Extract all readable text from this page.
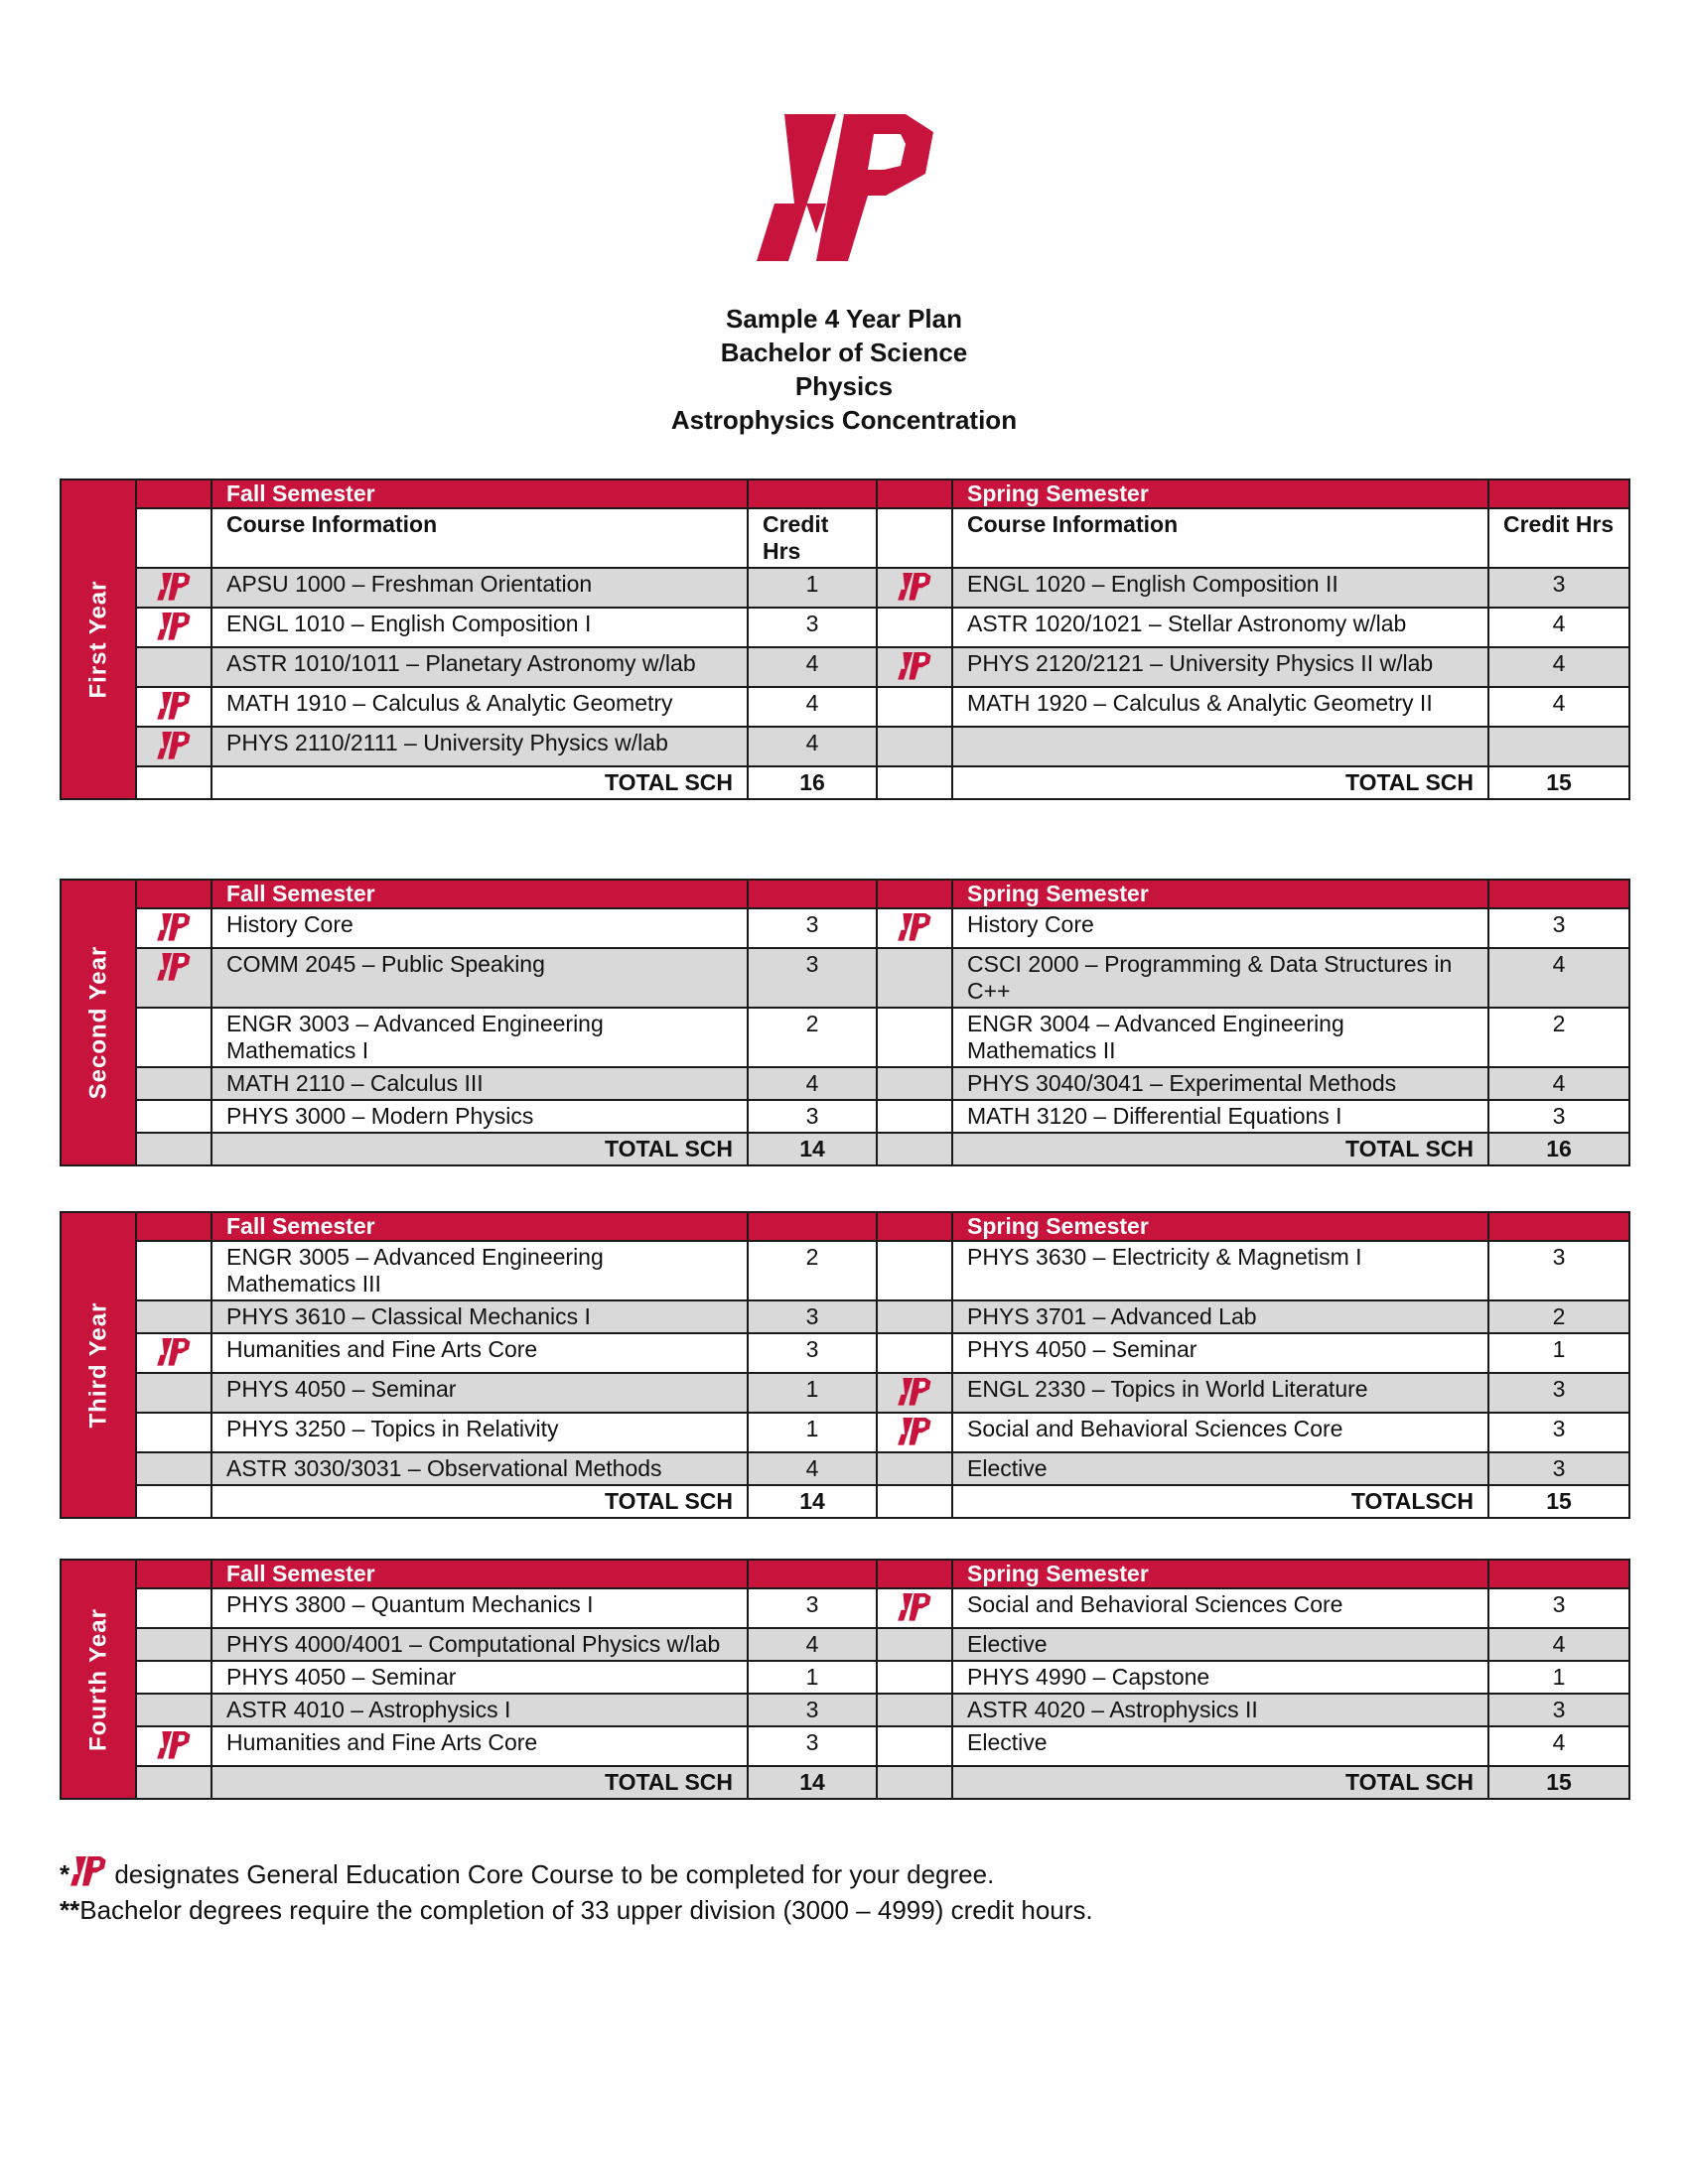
Sample 4 Year Plan
Bachelor of Science
Physics
Astrophysics Concentration
First Year		Fall Semester			Spring Semester	
		Course Information	Credit Hrs		Course Information	Credit Hrs
	APSU 1000 – Freshman Orientation	1		ENGL 1020 – English Composition II	3
	ENGL 1010 – English Composition I	3		ASTR 1020/1021 – Stellar Astronomy w/lab	4
		ASTR 1010/1011 – Planetary Astronomy w/lab	4		PHYS 2120/2121 – University Physics II w/lab	4
	MATH 1910 – Calculus & Analytic Geometry	4		MATH 1920 – Calculus & Analytic Geometry II	4
	PHYS 2110/2111 – University Physics w/lab	4			
		TOTAL SCH	16		TOTAL SCH	15
Second Year		Fall Semester			Spring Semester	
	History Core	3		History Core	3
	COMM 2045 – Public Speaking	3		CSCI 2000 – Programming & Data Structures in C++	4
		ENGR 3003 – Advanced Engineering Mathematics I	2		ENGR 3004 – Advanced Engineering Mathematics II	2
		MATH 2110 – Calculus III	4		PHYS 3040/3041 – Experimental Methods	4
		PHYS 3000 – Modern Physics	3		MATH 3120 – Differential Equations I	3
		TOTAL SCH	14		TOTAL SCH	16
Third Year		Fall Semester			Spring Semester	
		ENGR 3005 – Advanced Engineering Mathematics III	2		PHYS 3630 – Electricity & Magnetism I	3
		PHYS 3610 – Classical Mechanics I	3		PHYS 3701 – Advanced Lab	2
	Humanities and Fine Arts Core	3		PHYS 4050 – Seminar	1
		PHYS 4050 – Seminar	1		ENGL 2330 – Topics in World Literature	3
		PHYS 3250 – Topics in Relativity	1		Social and Behavioral Sciences Core	3
		ASTR 3030/3031 – Observational Methods	4		Elective	3
		TOTAL SCH	14		TOTALSCH	15
Fourth Year		Fall Semester			Spring Semester	
		PHYS 3800 – Quantum Mechanics I	3		Social and Behavioral Sciences Core	3
		PHYS 4000/4001 – Computational Physics w/lab	4		Elective	4
		PHYS 4050 – Seminar	1		PHYS 4990 – Capstone	1
		ASTR 4010 – Astrophysics I	3		ASTR 4020 – Astrophysics II	3
	Humanities and Fine Arts Core	3		Elective	4
		TOTAL SCH	14		TOTAL SCH	15
* designates General Education Core Course to be completed for your degree.
**Bachelor degrees require the completion of 33 upper division (3000 – 4999) credit hours.
